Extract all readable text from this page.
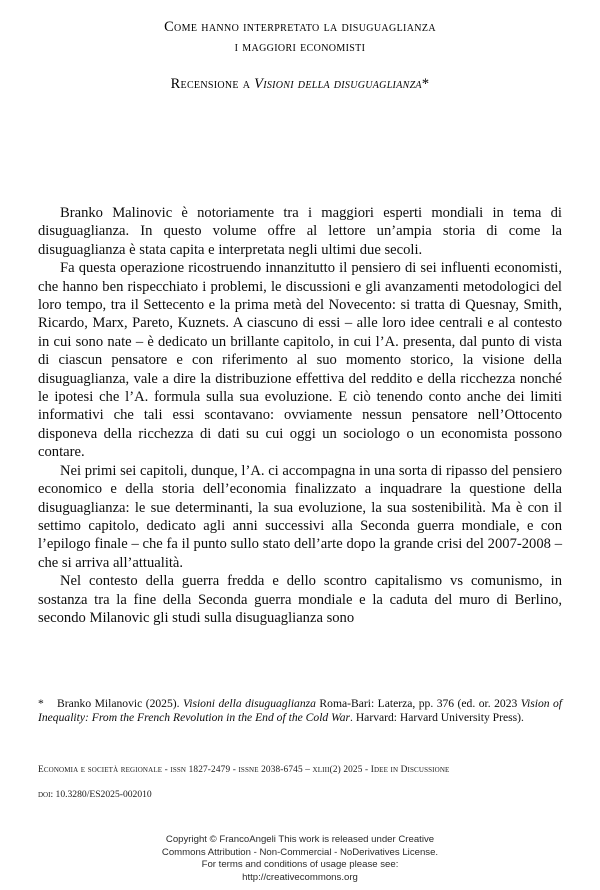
Come hanno interpretato la disuguaglianza
i maggiori economisti
Recensione a Visioni della disuguaglianza*

Branko Malinovic è notoriamente tra i maggiori esperti mondiali in tema di disuguaglianza. In questo volume offre al lettore un’ampia storia di come la disuguaglianza è stata capita e interpretata negli ultimi due secoli.

Fa questa operazione ricostruendo innanzitutto il pensiero di sei influenti economisti, che hanno ben rispecchiato i problemi, le discussioni e gli avanzamenti metodologici del loro tempo, tra il Settecento e la prima metà del Novecento: si tratta di Quesnay, Smith, Ricardo, Marx, Pareto, Kuznets. A ciascuno di essi – alle loro idee centrali e al contesto in cui sono nate – è dedicato un brillante capitolo, in cui l’A. presenta, dal punto di vista di ciascun pensatore e con riferimento al suo momento storico, la visione della disuguaglianza, vale a dire la distribuzione effettiva del reddito e della ricchezza nonché le ipotesi che l’A. formula sulla sua evoluzione. E ciò tenendo conto anche dei limiti informativi che tali essi scontavano: ovviamente nessun pensatore nell’Ottocento disponeva della ricchezza di dati su cui oggi un sociologo o un economista possono contare.

Nei primi sei capitoli, dunque, l’A. ci accompagna in una sorta di ripasso del pensiero economico e della storia dell’economia finalizzato a inquadrare la questione della disuguaglianza: le sue determinanti, la sua evoluzione, la sua sostenibilità. Ma è con il settimo capitolo, dedicato agli anni successivi alla Seconda guerra mondiale, e con l’epilogo finale – che fa il punto sullo stato dell’arte dopo la grande crisi del 2007-2008 – che si arriva all’attualità.

Nel contesto della guerra fredda e dello scontro capitalismo vs comunismo, in sostanza tra la fine della Seconda guerra mondiale e la caduta del muro di Berlino, secondo Milanovic gli studi sulla disuguaglianza sono

* Branko Milanovic (2025). Visioni della disuguaglianza Roma-Bari: Laterza, pp. 376 (ed. or. 2023 Vision of Inequality: From the French Revolution in the End of the Cold War. Harvard: Harvard University Press).
Economia e società regionale - issn 1827-2479 - issne 2038-6745 – xliii(2) 2025 - Idee in Discussione
doi: 10.3280/ES2025-002010
Copyright © FrancoAngeli This work is released under Creative
Commons Attribution - Non-Commercial - NoDerivatives License.
For terms and conditions of usage please see:
http://creativecommons.org
